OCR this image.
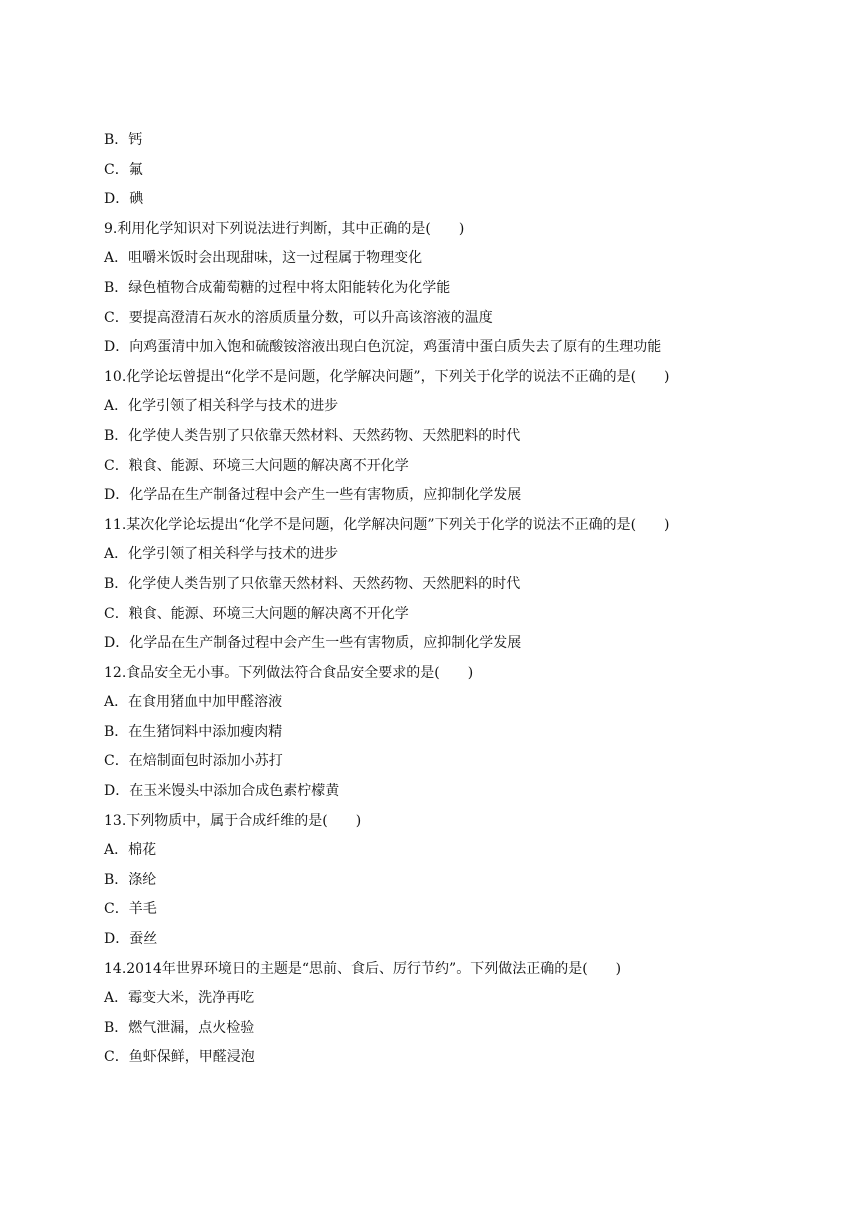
B．钙
C．氟
D．碘
9.利用化学知识对下列说法进行判断，其中正确的是(　　)
A．咀嚼米饭时会出现甜味，这一过程属于物理变化
B．绿色植物合成葡萄糖的过程中将太阳能转化为化学能
C．要提高澄清石灰水的溶质质量分数，可以升高该溶液的温度
D．向鸡蛋清中加入饱和硫酸铵溶液出现白色沉淀，鸡蛋清中蛋白质失去了原有的生理功能
10.化学论坛曾提出“化学不是问题，化学解决问题”，下列关于化学的说法不正确的是(　　)
A．化学引领了相关科学与技术的进步
B．化学使人类告别了只依靠天然材料、天然药物、天然肥料的时代
C．粮食、能源、环境三大问题的解决离不开化学
D．化学品在生产制备过程中会产生一些有害物质，应抑制化学发展
11.某次化学论坛提出“化学不是问题，化学解决问题”下列关于化学的说法不正确的是(　　)
A．化学引领了相关科学与技术的进步
B．化学使人类告别了只依靠天然材料、天然药物、天然肥料的时代
C．粮食、能源、环境三大问题的解决离不开化学
D．化学品在生产制备过程中会产生一些有害物质，应抑制化学发展
12.食品安全无小事。下列做法符合食品安全要求的是(　　)
A．在食用猪血中加甲醛溶液
B．在生猪饲料中添加瘦肉精
C．在焙制面包时添加小苏打
D．在玉米馒头中添加合成色素柠檬黄
13.下列物质中，属于合成纤维的是(　　)
A．棉花
B．涤纶
C．羊毛
D．蚕丝
14.2014年世界环境日的主题是“思前、食后、厉行节约”。下列做法正确的是(　　)
A．霉变大米，洗净再吃
B．燃气泄漏，点火检验
C．鱼虾保鲜，甲醛浸泡
